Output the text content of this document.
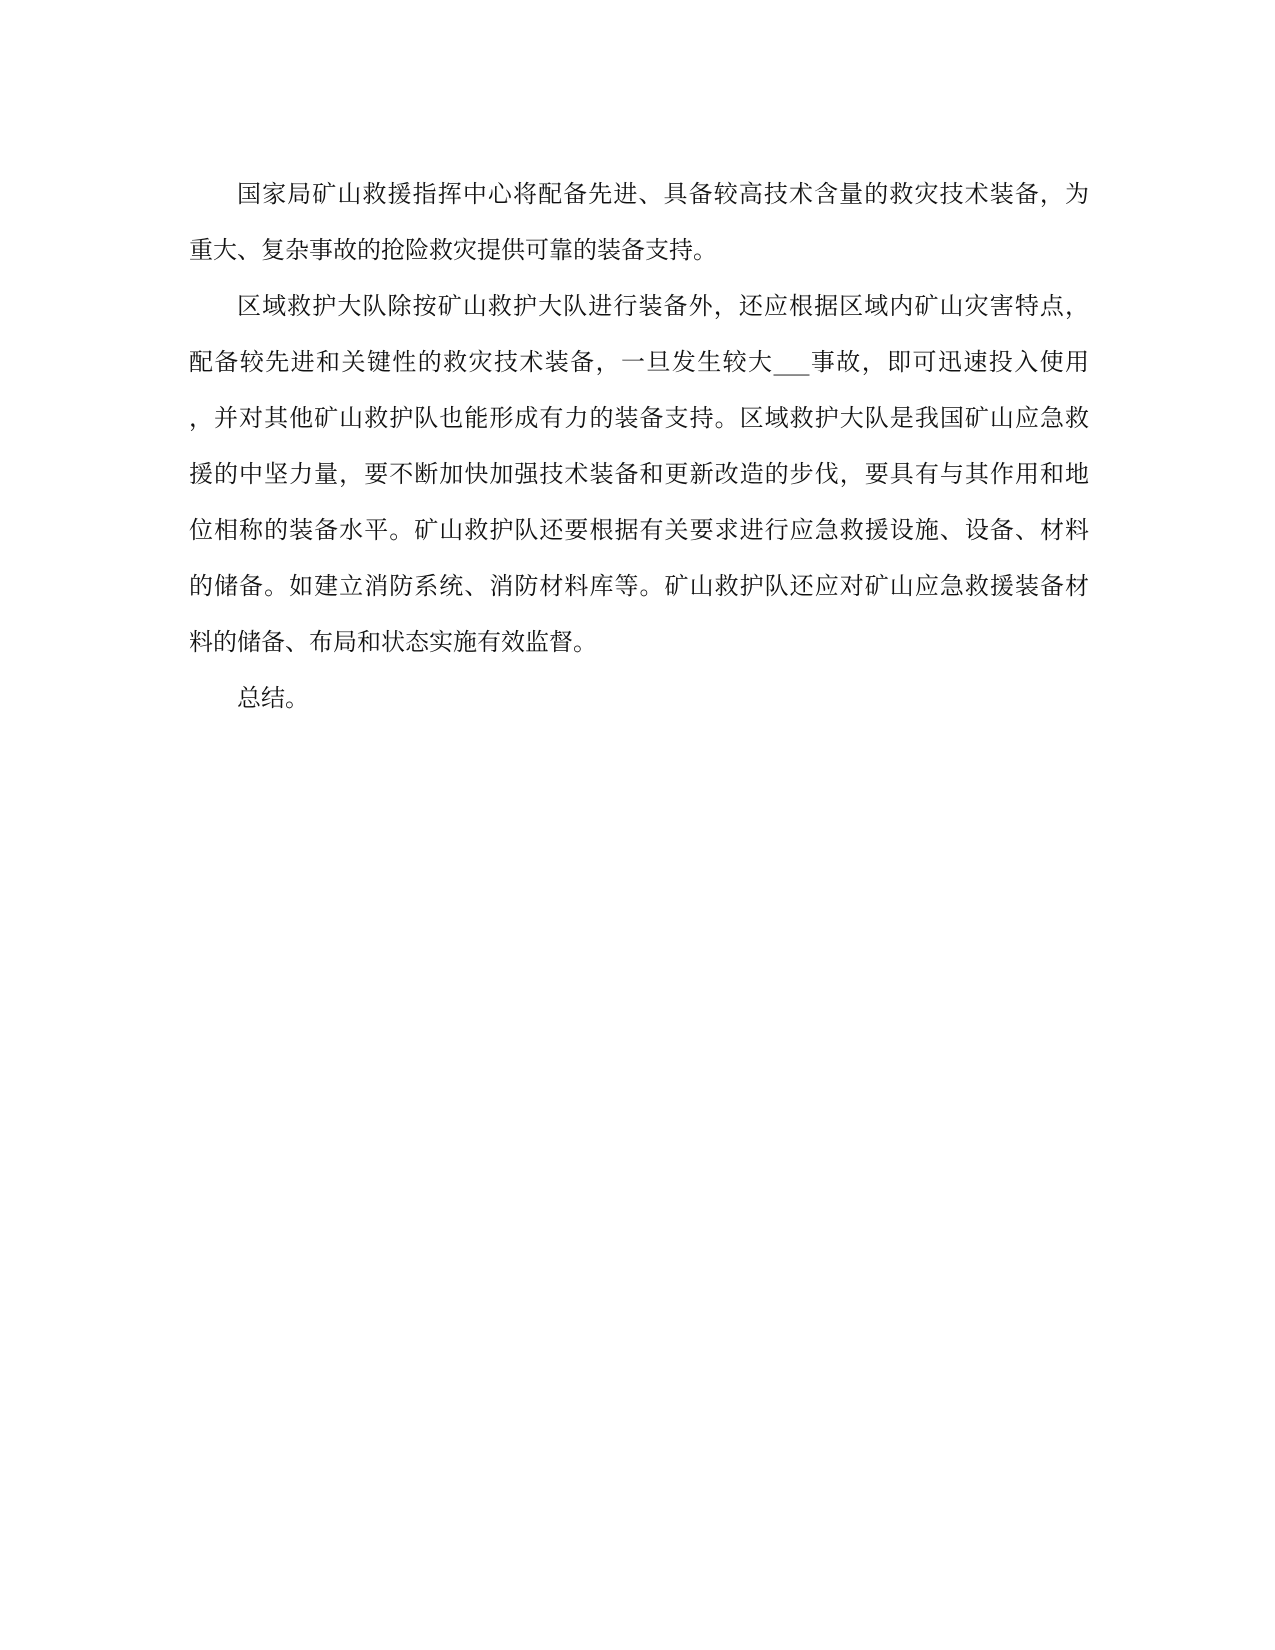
国家局矿山救援指挥中心将配备先进、具备较高技术含量的救灾技术装备，为
重大、复杂事故的抢险救灾提供可靠的装备支持。
区域救护大队除按矿山救护大队进行装备外，还应根据区域内矿山灾害特点，
配备较先进和关键性的救灾技术装备，一旦发生较大___事故，即可迅速投入使用
，并对其他矿山救护队也能形成有力的装备支持。区域救护大队是我国矿山应急救
援的中坚力量，要不断加快加强技术装备和更新改造的步伐，要具有与其作用和地
位相称的装备水平。矿山救护队还要根据有关要求进行应急救援设施、设备、材料
的储备。如建立消防系统、消防材料库等。矿山救护队还应对矿山应急救援装备材
料的储备、布局和状态实施有效监督。
总结。
